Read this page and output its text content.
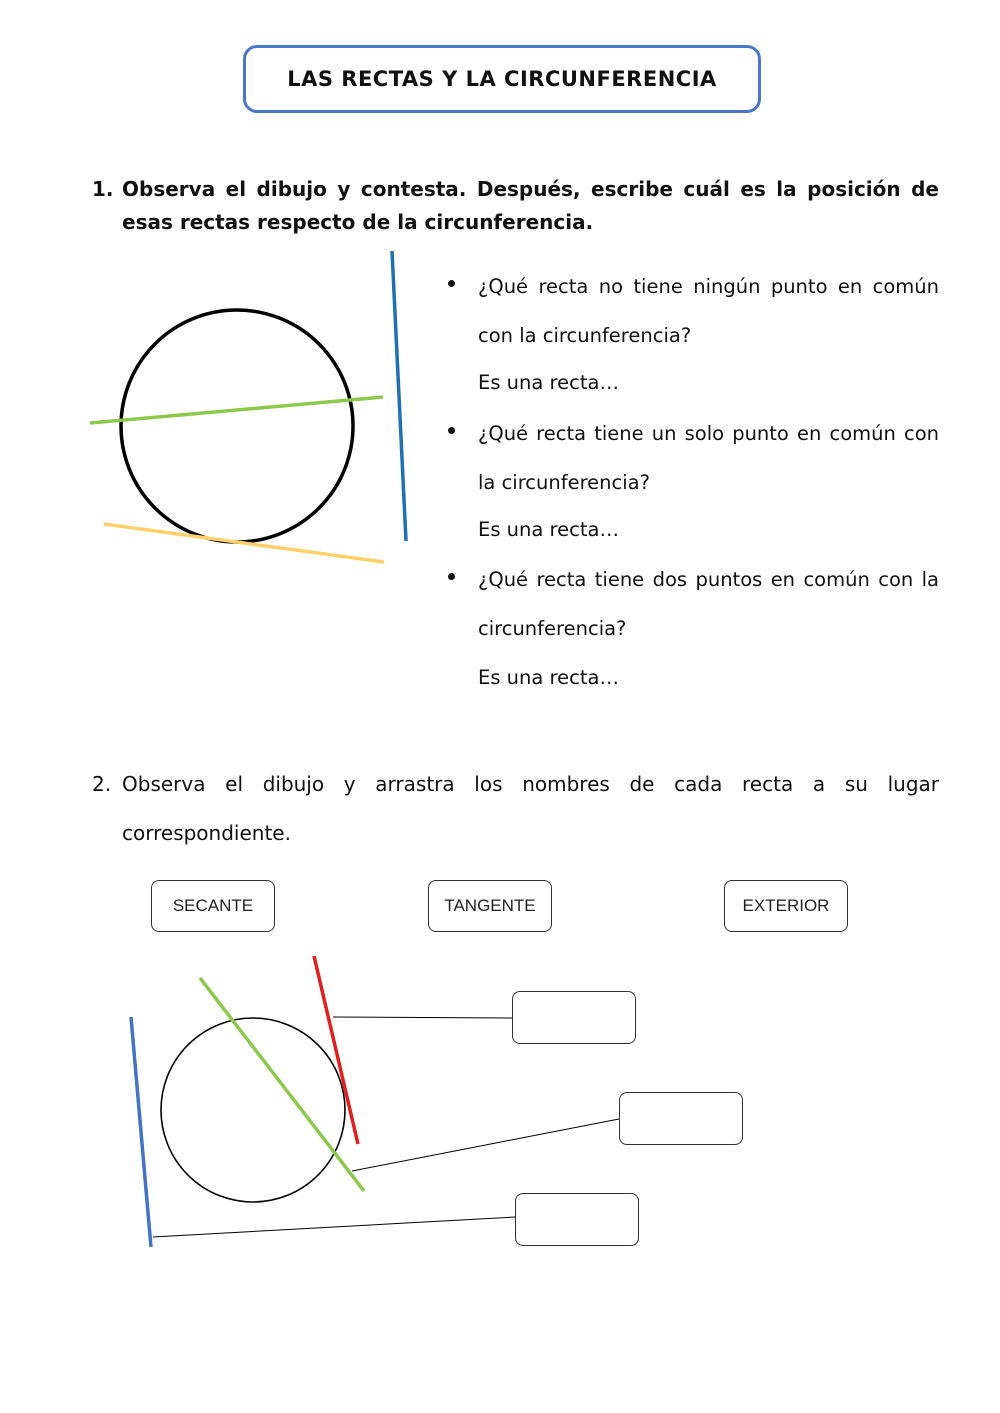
LAS RECTAS Y LA CIRCUNFERENCIA
1. Observa el dibujo y contesta. Después, escribe cuál es la posición de esas rectas respecto de la circunferencia.
¿Qué recta no tiene ningún punto en común con la circunferencia?
Es una recta…
¿Qué recta tiene un solo punto en común con la circunferencia?
Es una recta…
¿Qué recta tiene dos puntos en común con la circunferencia?
Es una recta…
2. Observa el dibujo y arrastra los nombres de cada recta a su lugar correspondiente.
SECANTE	TANGENTE	EXTERIOR
